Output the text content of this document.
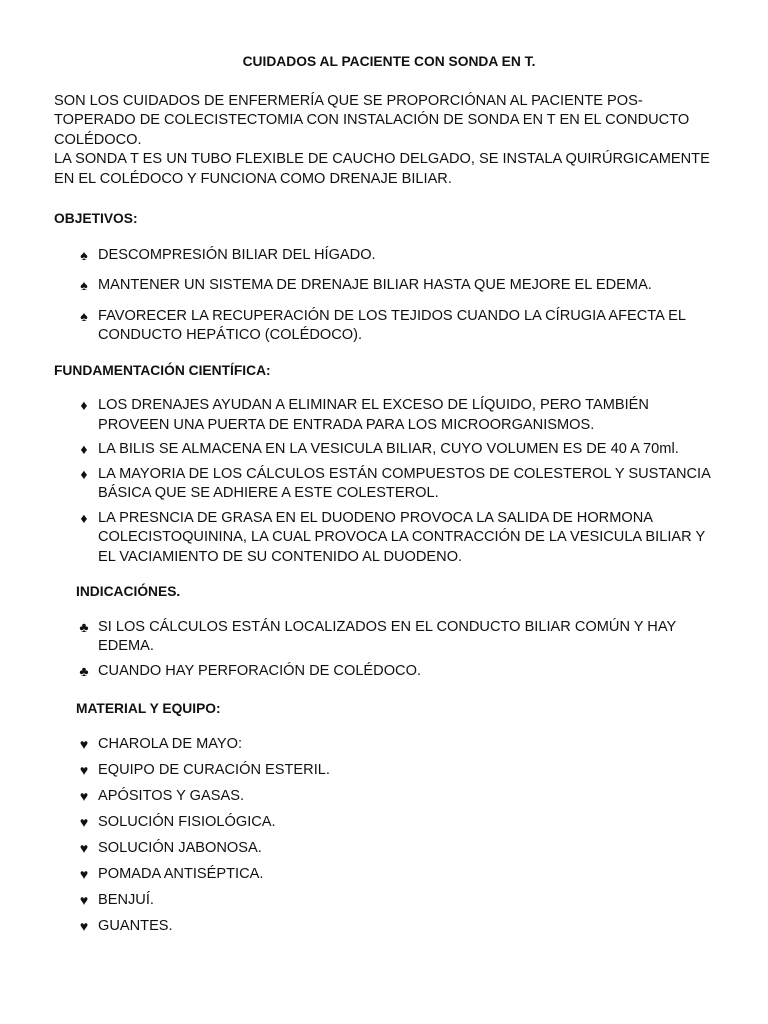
CUIDADOS AL PACIENTE CON SONDA EN T.
SON LOS CUIDADOS DE ENFERMERÍA QUE SE PROPORCIÓNAN AL PACIENTE POS-TOPERADO DE COLECISTECTOMIA CON INSTALACIÓN DE SONDA EN T EN EL CONDUCTO COLÉDOCO.
LA SONDA T ES UN TUBO FLEXIBLE DE CAUCHO DELGADO, SE INSTALA QUIRÚRGICAMENTE EN EL COLÉDOCO Y FUNCIONA COMO DRENAJE BILIAR.
OBJETIVOS:
♠ DESCOMPRESIÓN BILIAR DEL HÍGADO.
♠ MANTENER UN SISTEMA DE DRENAJE BILIAR HASTA QUE MEJORE EL EDEMA.
♠ FAVORECER LA RECUPERACIÓN DE LOS TEJIDOS CUANDO LA CÍRUGIA AFECTA EL CONDUCTO HEPÁTICO (COLÉDOCO).
FUNDAMENTACIÓN CIENTÍFICA:
♦ LOS DRENAJES AYUDAN A ELIMINAR EL EXCESO DE LÍQUIDO, PERO TAMBIÉN PROVEEN UNA PUERTA DE ENTRADA PARA LOS MICROORGANISMOS.
♦ LA BILIS SE ALMACENA EN LA VESICULA BILIAR, CUYO VOLUMEN ES DE 40 A 70ml.
♦ LA MAYORIA DE LOS CÁLCULOS ESTÁN COMPUESTOS DE COLESTEROL Y SUSTANCIA BÁSICA QUE SE ADHIERE A ESTE COLESTEROL.
♦ LA PRESNCIA DE GRASA EN EL DUODENO PROVOCA LA SALIDA DE HORMONA COLECISTOQUININA, LA CUAL PROVOCA LA CONTRACCIÓN DE LA VESICULA BILIAR Y EL VACIAMIENTO DE SU CONTENIDO AL DUODENO.
INDICACIÓNES.
♣ SI LOS CÁLCULOS ESTÁN LOCALIZADOS EN EL CONDUCTO BILIAR COMÚN Y HAY EDEMA.
♣ CUANDO HAY PERFORACIÓN DE COLÉDOCO.
MATERIAL Y EQUIPO:
♥ CHAROLA DE MAYO:
♥ EQUIPO DE CURACIÓN ESTERIL.
♥ APÓSITOS Y GASAS.
♥ SOLUCIÓN FISIOLÓGICA.
♥ SOLUCIÓN JABONOSA.
♥ POMADA ANTISÉPTICA.
♥ BENJUÍ.
♥ GUANTES.
